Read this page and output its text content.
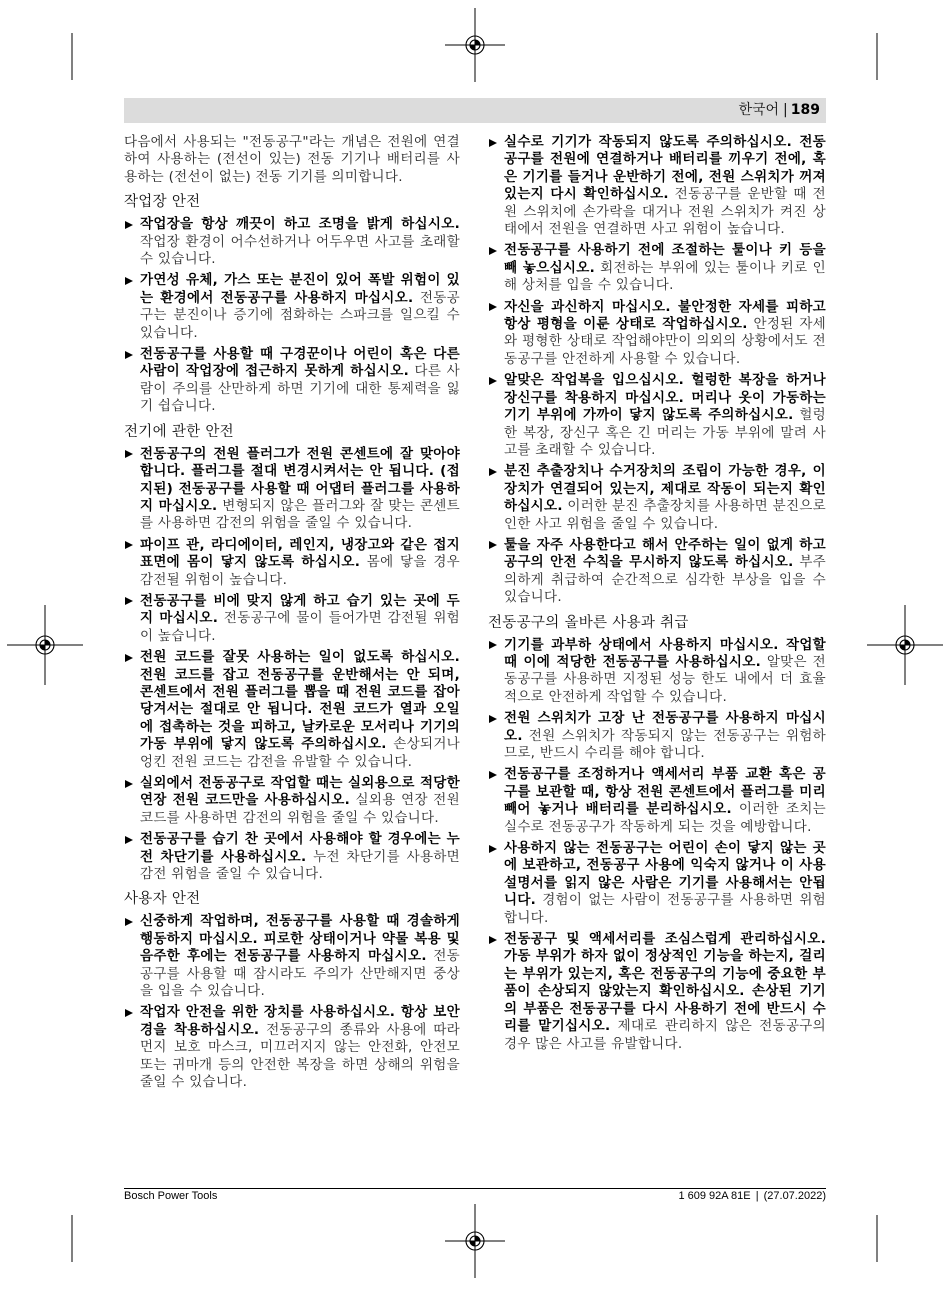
한국어 | 189

다음에서 사용되는 "전동공구"라는 개념은 전원에 연결하여 사용하는 (전선이 있는) 전동 기기나 배터리를 사용하는 (전선이 없는) 전동 기기를 의미합니다.

작업장 안전
작업장을 항상 깨끗이 하고 조명을 밝게 하십시오. 작업장 환경이 어수선하거나 어두우면 사고를 초래할 수 있습니다.
가연성 유체, 가스 또는 분진이 있어 폭발 위험이 있는 환경에서 전동공구를 사용하지 마십시오. 전동공구는 분진이나 증기에 점화하는 스파크를 일으킬 수 있습니다.
전동공구를 사용할 때 구경꾼이나 어린이 혹은 다른 사람이 작업장에 접근하지 못하게 하십시오. 다른 사람이 주의를 산만하게 하면 기기에 대한 통제력을 잃기 쉽습니다.
전기에 관한 안전
전동공구의 전원 플러그가 전원 콘센트에 잘 맞아야 합니다. 플러그를 절대 변경시켜서는 안 됩니다. (접지된) 전동공구를 사용할 때 어댑터 플러그를 사용하지 마십시오. 변형되지 않은 플러그와 잘 맞는 콘센트를 사용하면 감전의 위험을 줄일 수 있습니다.
파이프 관, 라디에이터, 레인지, 냉장고와 같은 접지 표면에 몸이 닿지 않도록 하십시오. 몸에 닿을 경우 감전될 위험이 높습니다.
전동공구를 비에 맞지 않게 하고 습기 있는 곳에 두지 마십시오. 전동공구에 물이 들어가면 감전될 위험이 높습니다.
전원 코드를 잘못 사용하는 일이 없도록 하십시오. 전원 코드를 잡고 전동공구를 운반해서는 안 되며, 콘센트에서 전원 플러그를 뽑을 때 전원 코드를 잡아 당겨서는 절대로 안 됩니다. 전원 코드가 열과 오일에 접촉하는 것을 피하고, 날카로운 모서리나 기기의 가동 부위에 닿지 않도록 주의하십시오. 손상되거나 엉킨 전원 코드는 감전을 유발할 수 있습니다.
실외에서 전동공구로 작업할 때는 실외용으로 적당한 연장 전원 코드만을 사용하십시오. 실외용 연장 전원 코드를 사용하면 감전의 위험을 줄일 수 있습니다.
전동공구를 습기 찬 곳에서 사용해야 할 경우에는 누전 차단기를 사용하십시오. 누전 차단기를 사용하면 감전 위험을 줄일 수 있습니다.
사용자 안전
신중하게 작업하며, 전동공구를 사용할 때 경솔하게 행동하지 마십시오. 피로한 상태이거나 약물 복용 및 음주한 후에는 전동공구를 사용하지 마십시오. 전동공구를 사용할 때 잠시라도 주의가 산만해지면 중상을 입을 수 있습니다.
작업자 안전을 위한 장치를 사용하십시오. 항상 보안경을 착용하십시오. 전동공구의 종류와 사용에 따라 먼지 보호 마스크, 미끄러지지 않는 안전화, 안전모 또는 귀마개 등의 안전한 복장을 하면 상해의 위험을 줄일 수 있습니다.
실수로 기기가 작동되지 않도록 주의하십시오. 전동공구를 전원에 연결하거나 배터리를 끼우기 전에, 혹은 기기를 들거나 운반하기 전에, 전원 스위치가 꺼져 있는지 다시 확인하십시오. 전동공구를 운반할 때 전원 스위치에 손가락을 대거나 전원 스위치가 켜진 상태에서 전원을 연결하면 사고 위험이 높습니다.
전동공구를 사용하기 전에 조절하는 툴이나 키 등을 빼 놓으십시오. 회전하는 부위에 있는 툴이나 키로 인해 상처를 입을 수 있습니다.
자신을 과신하지 마십시오. 불안정한 자세를 피하고 항상 평형을 이룬 상태로 작업하십시오. 안정된 자세와 평형한 상태로 작업해야만이 의외의 상황에서도 전동공구를 안전하게 사용할 수 있습니다.
알맞은 작업복을 입으십시오. 헐렁한 복장을 하거나 장신구를 착용하지 마십시오. 머리나 옷이 가동하는 기기 부위에 가까이 닿지 않도록 주의하십시오. 헐렁한 복장, 장신구 혹은 긴 머리는 가동 부위에 말려 사고를 초래할 수 있습니다.
분진 추출장치나 수거장치의 조립이 가능한 경우, 이 장치가 연결되어 있는지, 제대로 작동이 되는지 확인하십시오. 이러한 분진 추출장치를 사용하면 분진으로 인한 사고 위험을 줄일 수 있습니다.
툴을 자주 사용한다고 해서 안주하는 일이 없게 하고 공구의 안전 수칙을 무시하지 않도록 하십시오. 부주의하게 취급하여 순간적으로 심각한 부상을 입을 수 있습니다.
전동공구의 올바른 사용과 취급
기기를 과부하 상태에서 사용하지 마십시오. 작업할 때 이에 적당한 전동공구를 사용하십시오. 알맞은 전동공구를 사용하면 지정된 성능 한도 내에서 더 효율적으로 안전하게 작업할 수 있습니다.
전원 스위치가 고장 난 전동공구를 사용하지 마십시오. 전원 스위치가 작동되지 않는 전동공구는 위험하므로, 반드시 수리를 해야 합니다.
전동공구를 조정하거나 액세서리 부품 교환 혹은 공구를 보관할 때, 항상 전원 콘센트에서 플러그를 미리 빼어 놓거나 배터리를 분리하십시오. 이러한 조치는 실수로 전동공구가 작동하게 되는 것을 예방합니다.
사용하지 않는 전동공구는 어린이 손이 닿지 않는 곳에 보관하고, 전동공구 사용에 익숙지 않거나 이 사용 설명서를 읽지 않은 사람은 기기를 사용해서는 안됩니다. 경험이 없는 사람이 전동공구를 사용하면 위험합니다.
전동공구 및 액세서리를 조심스럽게 관리하십시오. 가동 부위가 하자 없이 정상적인 기능을 하는지, 걸리는 부위가 있는지, 혹은 전동공구의 기능에 중요한 부품이 손상되지 않았는지 확인하십시오. 손상된 기기의 부품은 전동공구를 다시 사용하기 전에 반드시 수리를 맡기십시오. 제대로 관리하지 않은 전동공구의 경우 많은 사고를 유발합니다.
Bosch Power Tools	1 609 92A 81E | (27.07.2022)
